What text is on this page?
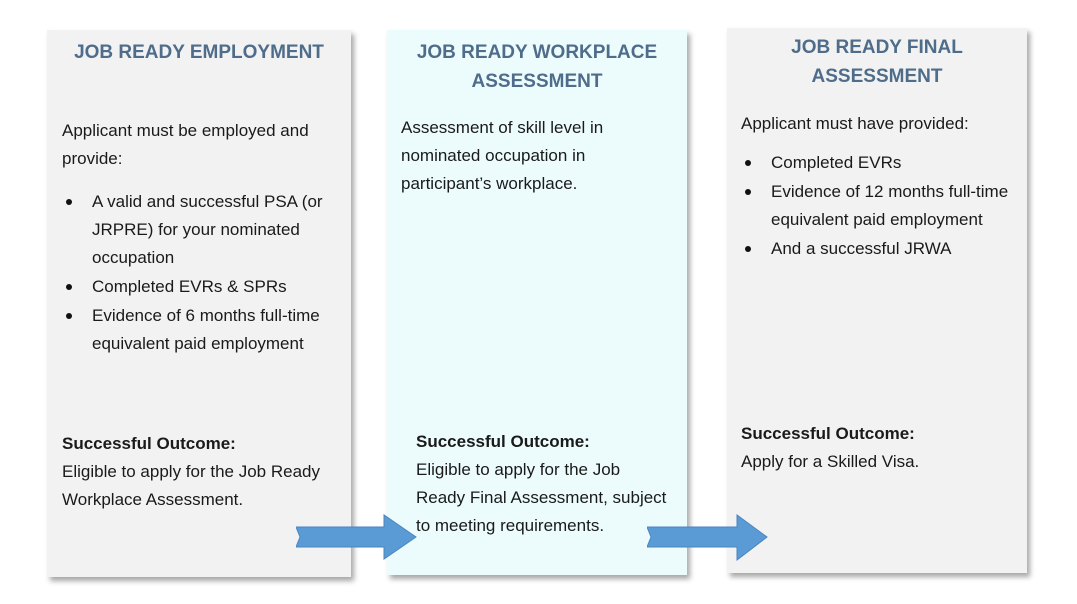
JOB READY EMPLOYMENT
Applicant must be employed and provide:
A valid and successful PSA (or JRPRE) for your nominated occupation
Completed EVRs & SPRs
Evidence of 6 months full-time equivalent paid employment
Successful Outcome:
Eligible to apply for the Job Ready Workplace Assessment.
JOB READY WORKPLACE ASSESSMENT
Assessment of skill level in nominated occupation in participant’s workplace.
Successful Outcome:
Eligible to apply for the Job Ready Final Assessment, subject to meeting requirements.
JOB READY FINAL ASSESSMENT
Applicant must have provided:
Completed EVRs
Evidence of 12 months full-time equivalent paid employment
And a successful JRWA
Successful Outcome:
Apply for a Skilled Visa.
